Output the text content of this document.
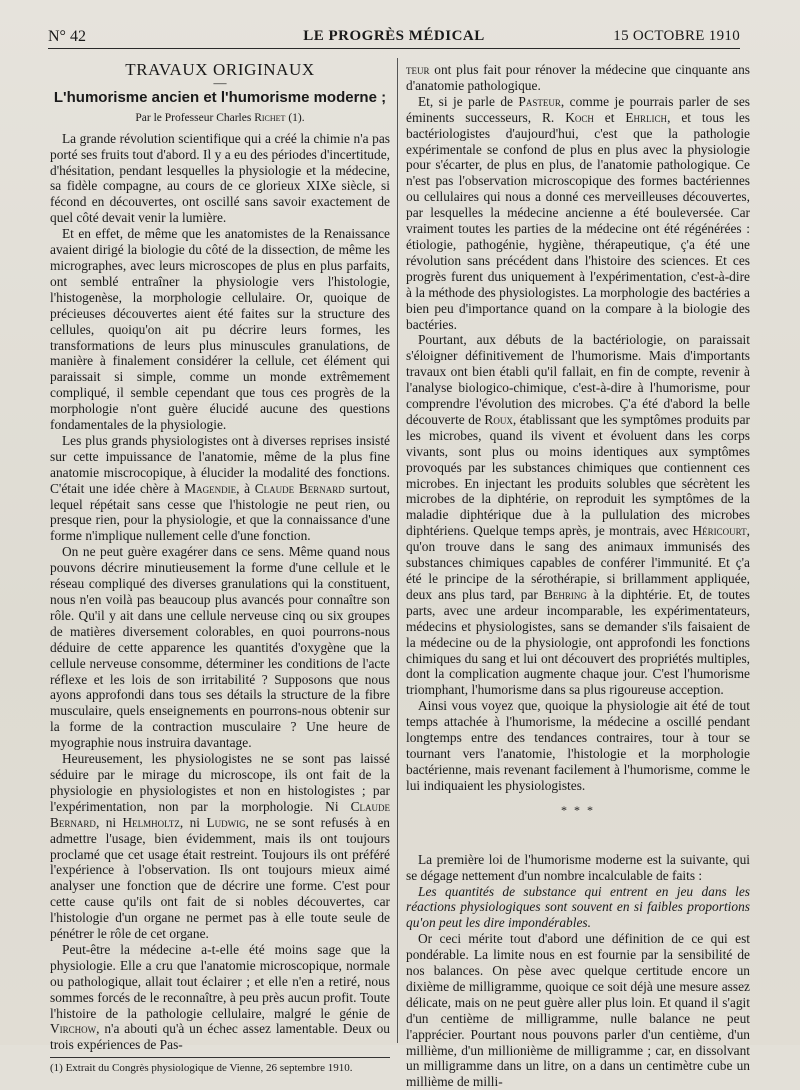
N° 42	LE PROGRÈS MÉDICAL	15 OCTOBRE 1910
TRAVAUX ORIGINAUX
—
L'humorisme ancien et l'humorisme moderne ;
Par le Professeur Charles Richet (1).

La grande révolution scientifique qui a créé la chimie n'a pas porté ses fruits tout d'abord. Il y a eu des périodes d'incertitude, d'hésitation, pendant lesquelles la physiologie et la médecine, sa fidèle compagne, au cours de ce glorieux XIXe siècle, si fécond en découvertes, ont oscillé sans savoir exactement de quel côté devait venir la lumière.

Et en effet, de même que les anatomistes de la Renaissance avaient dirigé la biologie du côté de la dissection, de même les micrographes, avec leurs microscopes de plus en plus parfaits, ont semblé entraîner la physiologie vers l'histologie, l'histogenèse, la morphologie cellulaire. Or, quoique de précieuses découvertes aient été faites sur la structure des cellules, quoiqu'on ait pu décrire leurs formes, les transformations de leurs plus minuscules granulations, de manière à finalement considérer la cellule, cet élément qui paraissait si simple, comme un monde extrêmement compliqué, il semble cependant que tous ces progrès de la morphologie n'ont guère élucidé aucune des questions fondamentales de la physiologie.

Les plus grands physiologistes ont à diverses reprises insisté sur cette impuissance de l'anatomie, même de la plus fine anatomie miscrocopique, à élucider la modalité des fonctions. C'était une idée chère à Magendie, à Claude Bernard surtout, lequel répétait sans cesse que l'histologie ne peut rien, ou presque rien, pour la physiologie, et que la connaissance d'une forme n'implique nullement celle d'une fonction.

On ne peut guère exagérer dans ce sens. Même quand nous pouvons décrire minutieusement la forme d'une cellule et le réseau compliqué des diverses granulations qui la constituent, nous n'en voilà pas beaucoup plus avancés pour connaître son rôle. Qu'il y ait dans une cellule nerveuse cinq ou six groupes de matières diversement colorables, en quoi pourrons-nous déduire de cette apparence les quantités d'oxygène que la cellule nerveuse consomme, déterminer les conditions de l'acte réflexe et les lois de son irritabilité ? Supposons que nous ayons approfondi dans tous ses détails la structure de la fibre musculaire, quels enseignements en pourrons-nous obtenir sur la forme de la contraction musculaire ? Une heure de myographie nous instruira davantage.

Heureusement, les physiologistes ne se sont pas laissé séduire par le mirage du microscope, ils ont fait de la physiologie en physiologistes et non en histologistes ; par l'expérimentation, non par la morphologie. Ni Claude Bernard, ni Helmholtz, ni Ludwig, ne se sont refusés à en admettre l'usage, bien évidemment, mais ils ont toujours proclamé que cet usage était restreint. Toujours ils ont préféré l'expérience à l'observation. Ils ont toujours mieux aimé analyser une fonction que de décrire une forme. C'est pour cette cause qu'ils ont fait de si nobles découvertes, car l'histologie d'un organe ne permet pas à elle toute seule de pénétrer le rôle de cet organe.

Peut-être la médecine a-t-elle été moins sage que la physiologie. Elle a cru que l'anatomie microscopique, normale ou pathologique, allait tout éclairer ; et elle n'en a retiré, nous sommes forcés de le reconnaître, à peu près aucun profit. Toute l'histoire de la pathologie cellulaire, malgré le génie de Virchow, n'a abouti qu'à un échec assez lamentable. Deux ou trois expériences de Pas-

(1) Extrait du Congrès physiologique de Vienne, 26 septembre 1910.

teur ont plus fait pour rénover la médecine que cinquante ans d'anatomie pathologique.

Et, si je parle de Pasteur, comme je pourrais parler de ses éminents successeurs, R. Koch et Ehrlich, et tous les bactériologistes d'aujourd'hui, c'est que la pathologie expérimentale se confond de plus en plus avec la physiologie pour s'écarter, de plus en plus, de l'anatomie pathologique. Ce n'est pas l'observation microscopique des formes bactériennes ou cellulaires qui nous a donné ces merveilleuses découvertes, par lesquelles la médecine ancienne a été bouleversée. Car vraiment toutes les parties de la médecine ont été régénérées : étiologie, pathogénie, hygiène, thérapeutique, ç'a été une révolution sans précédent dans l'histoire des sciences. Et ces progrès furent dus uniquement à l'expérimentation, c'est-à-dire à la méthode des physiologistes. La morphologie des bactéries a bien peu d'importance quand on la compare à la biologie des bactéries.

Pourtant, aux débuts de la bactériologie, on paraissait s'éloigner définitivement de l'humorisme. Mais d'importants travaux ont bien établi qu'il fallait, en fin de compte, revenir à l'analyse biologico-chimique, c'est-à-dire à l'humorisme, pour comprendre l'évolution des microbes. Ç'a été d'abord la belle découverte de Roux, établissant que les symptômes produits par les microbes, quand ils vivent et évoluent dans les corps vivants, sont plus ou moins identiques aux symptômes provoqués par les substances chimiques que contiennent ces microbes. En injectant les produits solubles que sécrètent les microbes de la diphtérie, on reproduit les symptômes de la maladie diphtérique due à la pullulation des microbes diphtériens. Quelque temps après, je montrais, avec Héricourt, qu'on trouve dans le sang des animaux immunisés des substances chimiques capables de conférer l'immunité. Et ç'a été le principe de la sérothérapie, si brillamment appliquée, deux ans plus tard, par Behring à la diphtérie. Et, de toutes parts, avec une ardeur incomparable, les expérimentateurs, médecins et physiologistes, sans se demander s'ils faisaient de la médecine ou de la physiologie, ont approfondi les fonctions chimiques du sang et lui ont découvert des propriétés multiples, dont la complication augmente chaque jour. C'est l'humorisme triomphant, l'humorisme dans sa plus rigoureuse acception.

Ainsi vous voyez que, quoique la physiologie ait été de tout temps attachée à l'humorisme, la médecine a oscillé pendant longtemps entre des tendances contraires, tour à tour se tournant vers l'anatomie, l'histologie et la morphologie bactérienne, mais revenant facilement à l'humorisme, comme le lui indiquaient les physiologistes.

* * *

La première loi de l'humorisme moderne est la suivante, qui se dégage nettement d'un nombre incalculable de faits :

Les quantités de substance qui entrent en jeu dans les réactions physiologiques sont souvent en si faibles proportions qu'on peut les dire impondérables.

Or ceci mérite tout d'abord une définition de ce qui est pondérable. La limite nous en est fournie par la sensibilité de nos balances. On pèse avec quelque certitude encore un dixième de milligramme, quoique ce soit déjà une mesure assez délicate, mais on ne peut guère aller plus loin. Et quand il s'agit d'un centième de milligramme, nulle balance ne peut l'apprécier. Pourtant nous pouvons parler d'un centième, d'un millième, d'un millionième de milligramme ; car, en dissolvant un milligramme dans un litre, on a dans un centimètre cube un millième de milli-
